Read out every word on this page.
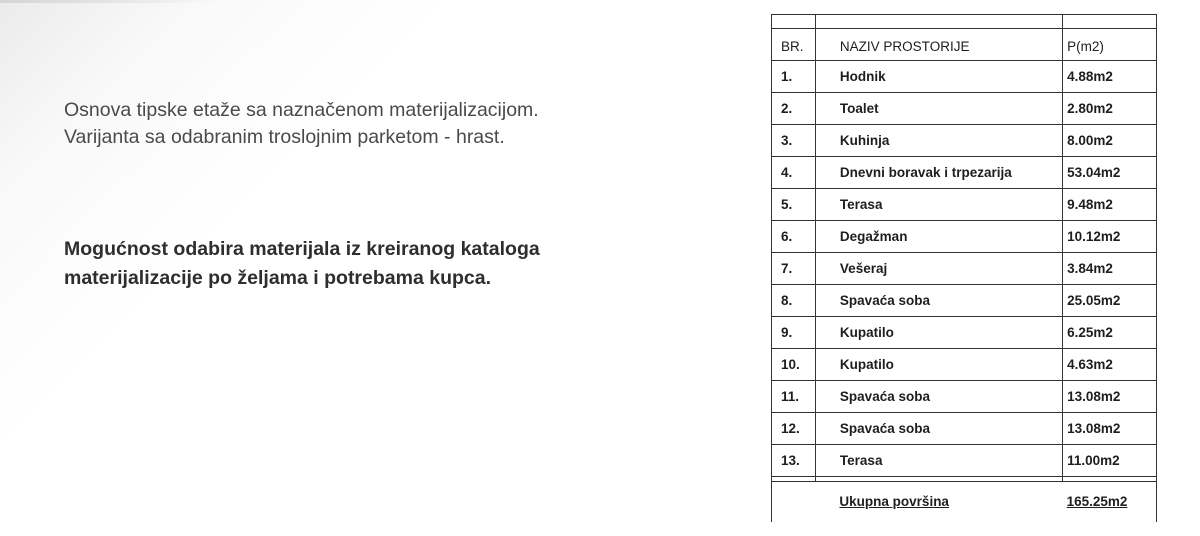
Osnova tipske etaže sa naznačenom materijalizacijom.
Varijanta sa odabranim troslojnim parketom - hrast.
Mogućnost odabira materijala iz kreiranog kataloga
materijalizacije po željama i potrebama kupca.

BR.	NAZIV PROSTORIJE	P(m2)
1.	Hodnik	4.88m2
2.	Toalet	2.80m2
3.	Kuhinja	8.00m2
4.	Dnevni boravak i trpezarija	53.04m2
5.	Terasa	9.48m2
6.	Degažman	10.12m2
7.	Vešeraj	3.84m2
8.	Spavaća soba	25.05m2
9.	Kupatilo	6.25m2
10.	Kupatilo	4.63m2
11.	Spavaća soba	13.08m2
12.	Spavaća soba	13.08m2
13.	Terasa	11.00m2

	Ukupna površina	165.25m2
